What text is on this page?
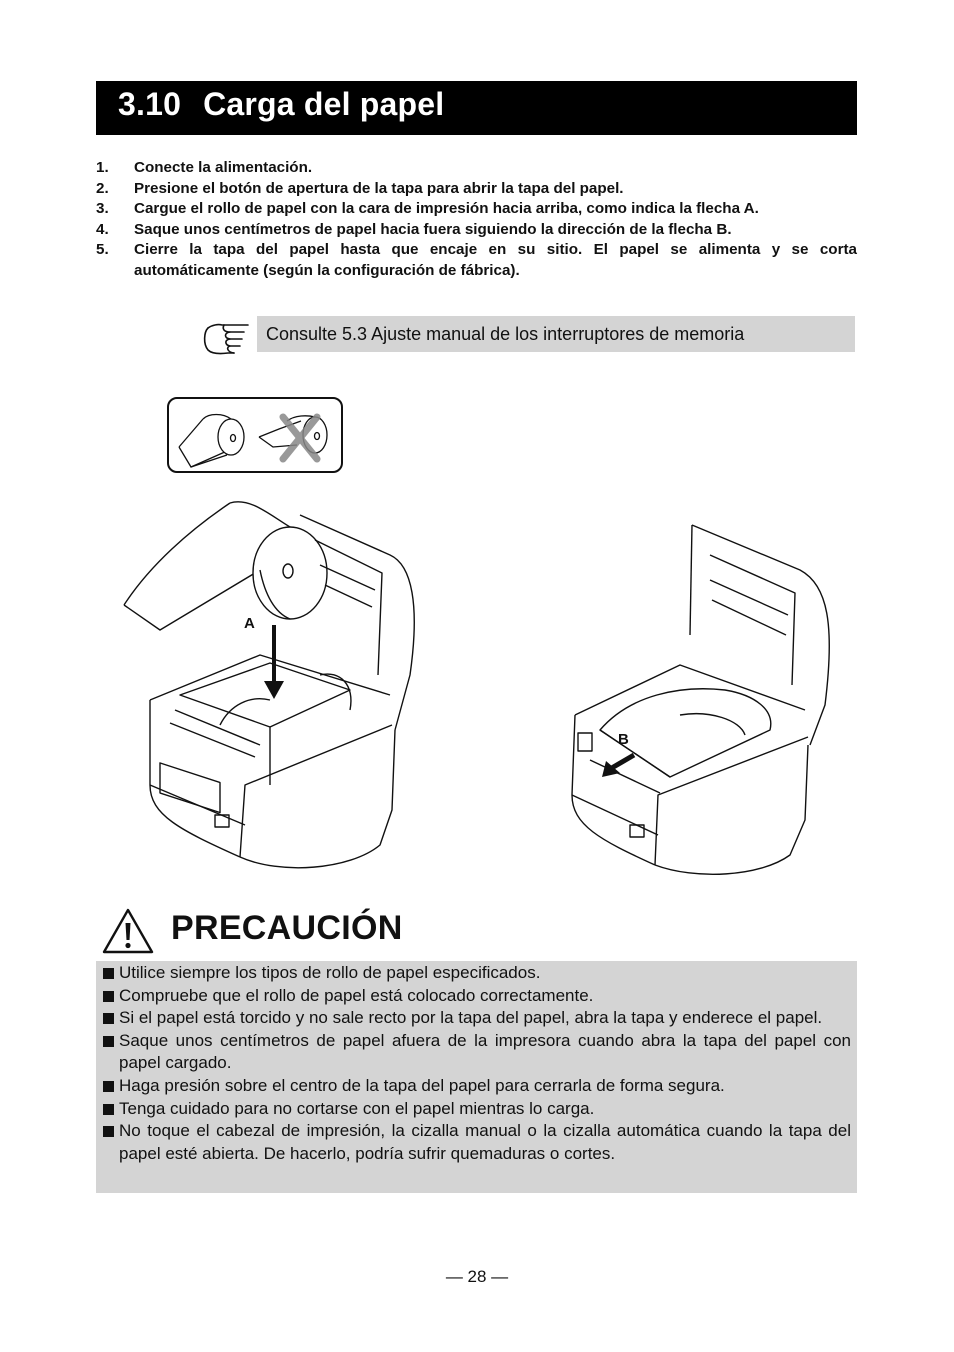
3.10 Carga del papel
1. Conecte la alimentación.
2. Presione el botón de apertura de la tapa para abrir la tapa del papel.
3. Cargue el rollo de papel con la cara de impresión hacia arriba, como indica la flecha A.
4. Saque unos centímetros de papel hacia fuera siguiendo la dirección de la flecha B.
5. Cierre la tapa del papel hasta que encaje en su sitio. El papel se alimenta y se corta automáticamente (según la configuración de fábrica).
Consulte 5.3 Ajuste manual de los interruptores de memoria
A
B
PRECAUCIÓN
Utilice siempre los tipos de rollo de papel especificados.
Compruebe que el rollo de papel está colocado correctamente.
Si el papel está torcido y no sale recto por la tapa del papel, abra la tapa y enderece el papel.
Saque unos centímetros de papel afuera de la impresora cuando abra la tapa del papel con papel cargado.
Haga presión sobre el centro de la tapa del papel para cerrarla de forma segura.
Tenga cuidado para no cortarse con el papel mientras lo carga.
No toque el cabezal de impresión, la cizalla manual o la cizalla automática cuando la tapa del papel esté abierta. De hacerlo, podría sufrir quemaduras o cortes.
— 28 —
